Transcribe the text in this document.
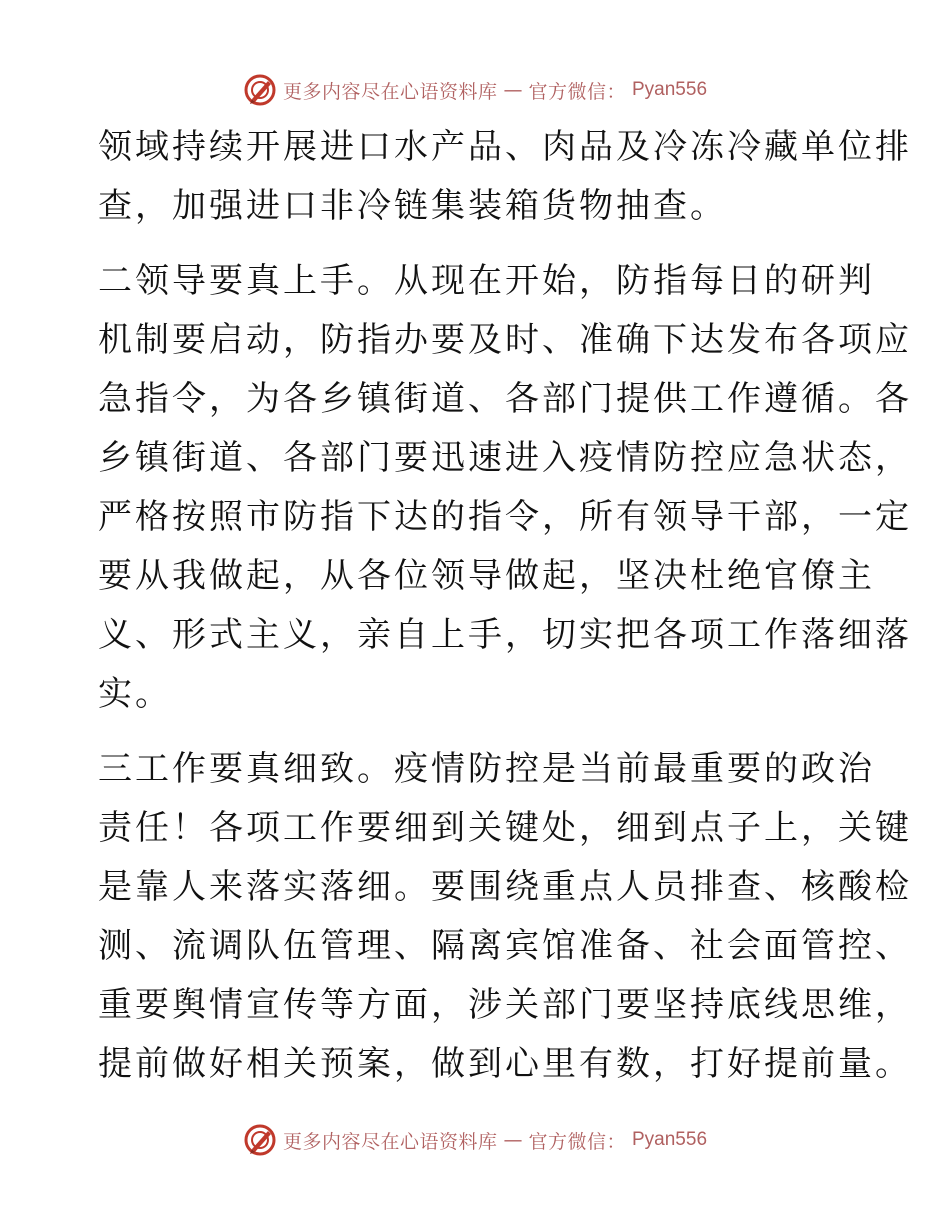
更多内容尽在心语资料库 — 官方微信： Pyan556

领域持续开展进口水产品、肉品及冷冻冷藏单位排
查，加强进口非冷链集装箱货物抽查。

二领导要真上手。从现在开始，防指每日的研判
机制要启动，防指办要及时、准确下达发布各项应
急指令，为各乡镇街道、各部门提供工作遵循。各
乡镇街道、各部门要迅速进入疫情防控应急状态，
严格按照市防指下达的指令，所有领导干部，一定
要从我做起，从各位领导做起，坚决杜绝官僚主
义、形式主义，亲自上手，切实把各项工作落细落
实。

三工作要真细致。疫情防控是当前最重要的政治
责任！各项工作要细到关键处，细到点子上，关键
是靠人来落实落细。要围绕重点人员排查、核酸检
测、流调队伍管理、隔离宾馆准备、社会面管控、
重要舆情宣传等方面，涉关部门要坚持底线思维，
提前做好相关预案，做到心里有数，打好提前量。

更多内容尽在心语资料库 — 官方微信： Pyan556
